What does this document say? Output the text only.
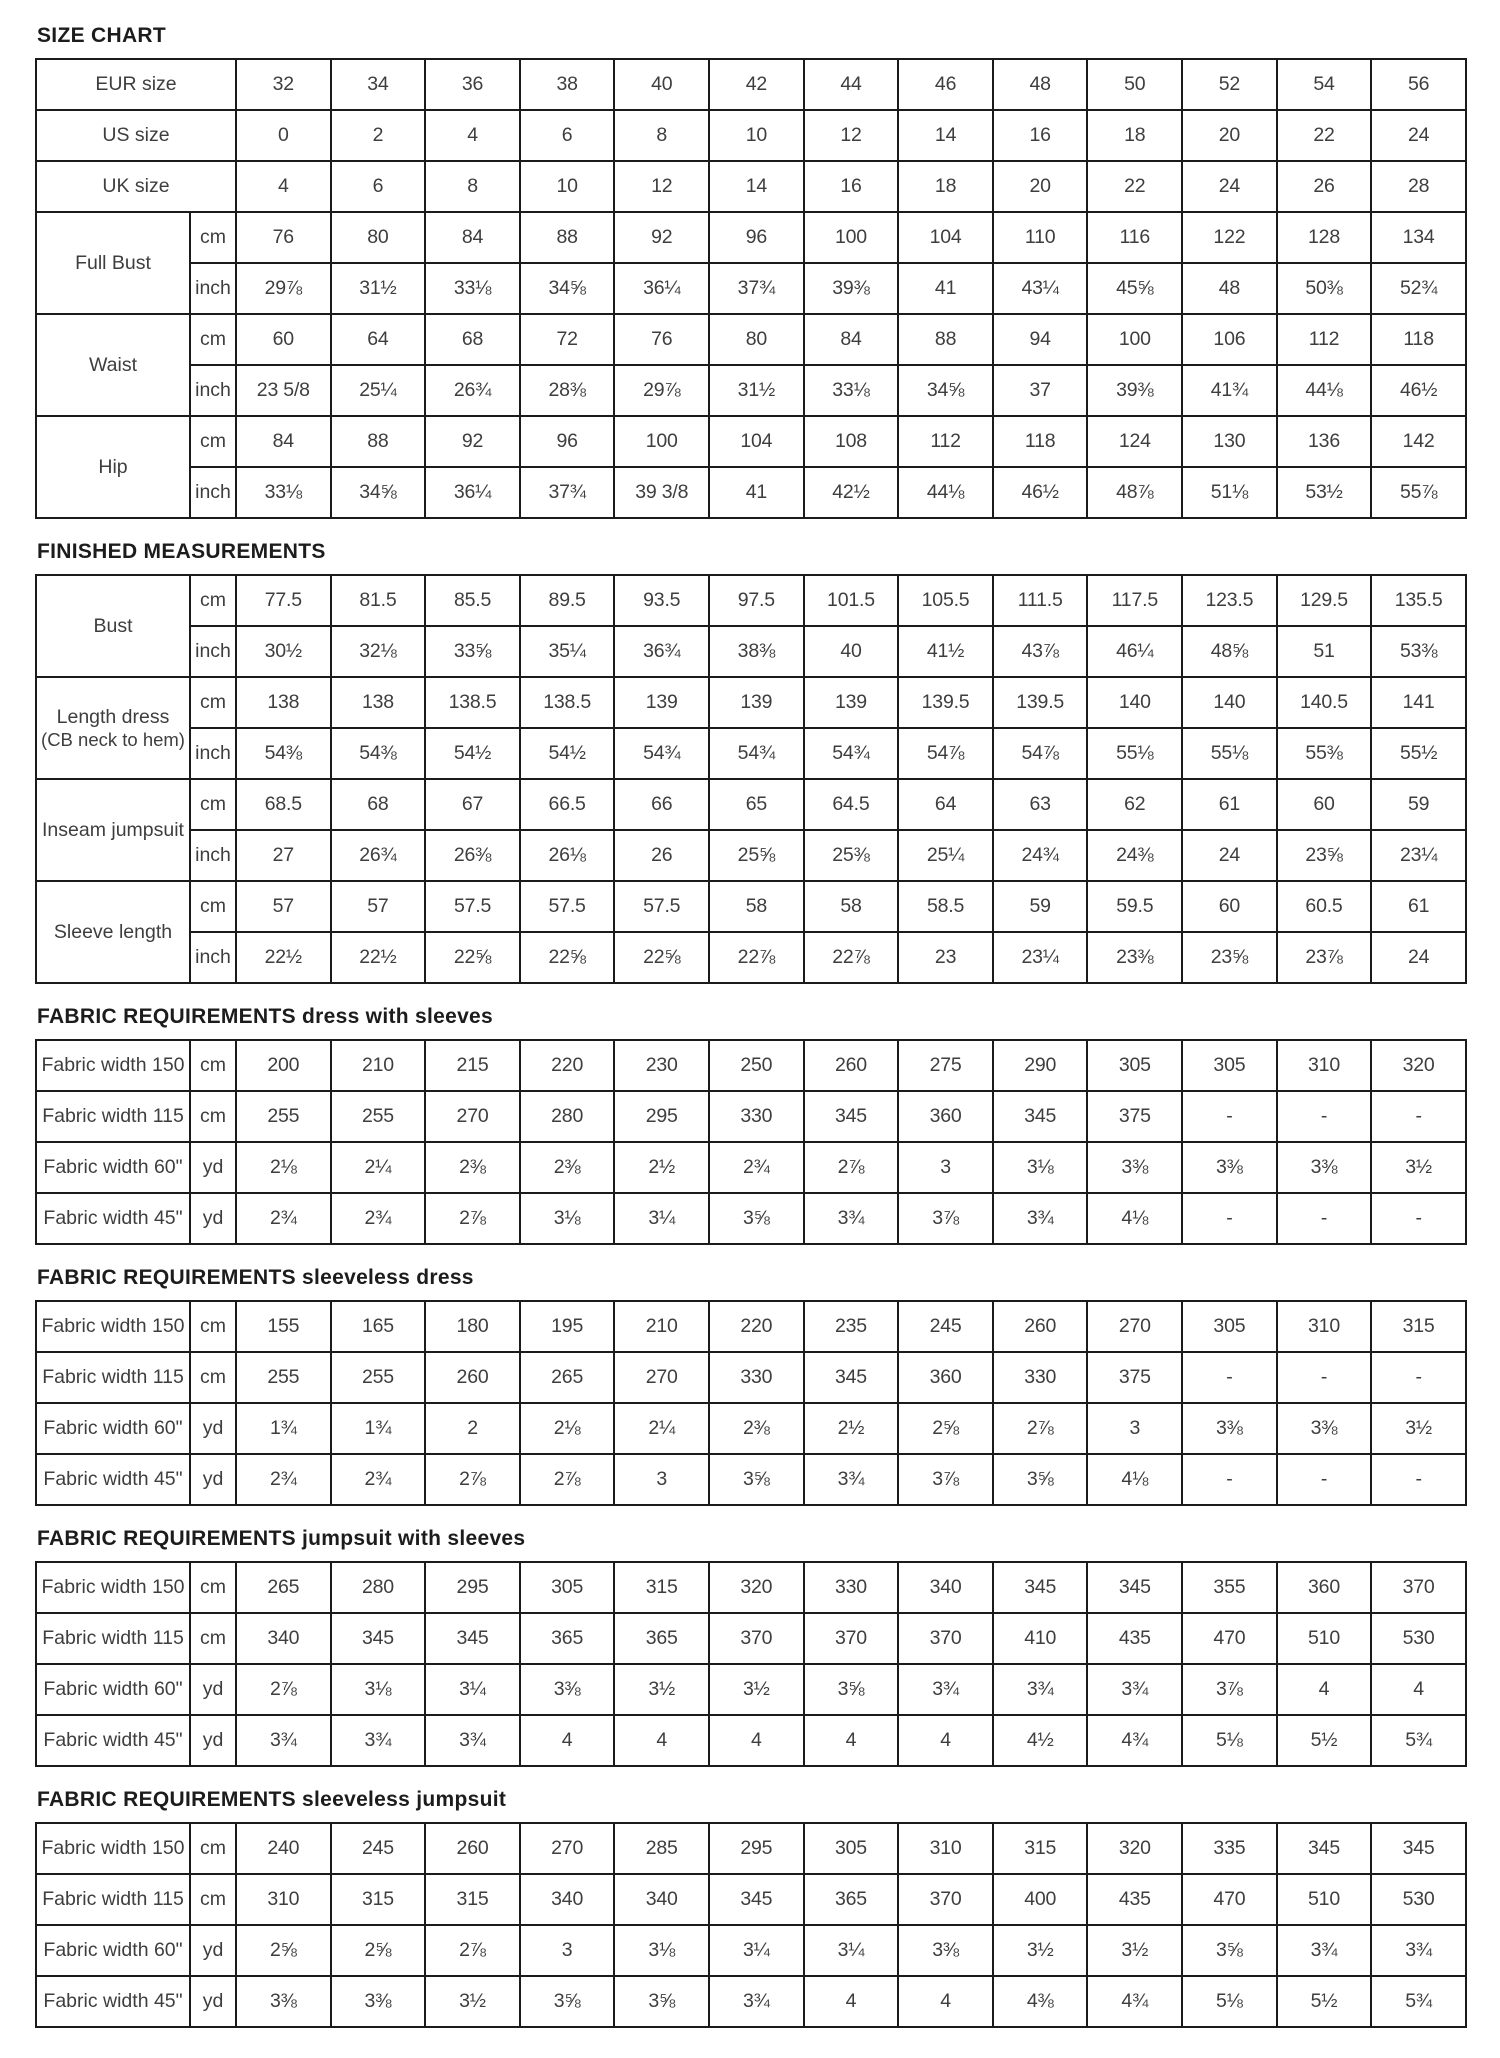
SIZE CHART
EUR size		32	34	36	38	40	42	44	46	48	50	52	54	56

US size		0	2	4	6	8	10	12	14	16	18	20	22	24

UK size		4	6	8	10	12	14	16	18	20	22	24	26	28

Full Bust	cm	76	80	84	88	92	96	100	104	110	116	122	128	134
	inch	29⅞	31½	33⅛	34⅝	36¼	37¾	39⅜	41	43¼	45⅝	48	50⅜	52¾

Waist	cm	60	64	68	72	76	80	84	88	94	100	106	112	118
	inch	23 5/8	25¼	26¾	28⅜	29⅞	31½	33⅛	34⅝	37	39⅜	41¾	44⅛	46½

Hip	cm	84	88	92	96	100	104	108	112	118	124	130	136	142
	inch	33⅛	34⅝	36¼	37¾	39 3/8	41	42½	44⅛	46½	48⅞	51⅛	53½	55⅞
FINISHED MEASUREMENTS
Bust	cm	77.5	81.5	85.5	89.5	93.5	97.5	101.5	105.5	111.5	117.5	123.5	129.5	135.5
	inch	30½	32⅛	33⅝	35¼	36¾	38⅜	40	41½	43⅞	46¼	48⅝	51	53⅜

Length dress
(CB neck to hem)	cm	138	138	138.5	138.5	139	139	139	139.5	139.5	140	140	140.5	141
	inch	54⅜	54⅜	54½	54½	54¾	54¾	54¾	54⅞	54⅞	55⅛	55⅛	55⅜	55½

Inseam jumpsuit	cm	68.5	68	67	66.5	66	65	64.5	64	63	62	61	60	59
	inch	27	26¾	26⅜	26⅛	26	25⅝	25⅜	25¼	24¾	24⅜	24	23⅝	23¼

Sleeve length	cm	57	57	57.5	57.5	57.5	58	58	58.5	59	59.5	60	60.5	61
	inch	22½	22½	22⅝	22⅝	22⅝	22⅞	22⅞	23	23¼	23⅜	23⅝	23⅞	24
FABRIC REQUIREMENTS dress with sleeves
Fabric width 150	cm	200	210	215	220	230	250	260	275	290	305	305	310	320

Fabric width 115	cm	255	255	270	280	295	330	345	360	345	375	-	-	-

Fabric width 60"	yd	2⅛	2¼	2⅜	2⅜	2½	2¾	2⅞	3	3⅛	3⅜	3⅜	3⅜	3½

Fabric width 45"	yd	2¾	2¾	2⅞	3⅛	3¼	3⅝	3¾	3⅞	3¾	4⅛	-	-	-
FABRIC REQUIREMENTS sleeveless dress
Fabric width 150	cm	155	165	180	195	210	220	235	245	260	270	305	310	315

Fabric width 115	cm	255	255	260	265	270	330	345	360	330	375	-	-	-

Fabric width 60"	yd	1¾	1¾	2	2⅛	2¼	2⅜	2½	2⅝	2⅞	3	3⅜	3⅜	3½

Fabric width 45"	yd	2¾	2¾	2⅞	2⅞	3	3⅝	3¾	3⅞	3⅝	4⅛	-	-	-
FABRIC REQUIREMENTS jumpsuit with sleeves
Fabric width 150	cm	265	280	295	305	315	320	330	340	345	345	355	360	370

Fabric width 115	cm	340	345	345	365	365	370	370	370	410	435	470	510	530

Fabric width 60"	yd	2⅞	3⅛	3¼	3⅜	3½	3½	3⅝	3¾	3¾	3¾	3⅞	4	4

Fabric width 45"	yd	3¾	3¾	3¾	4	4	4	4	4	4½	4¾	5⅛	5½	5¾
FABRIC REQUIREMENTS sleeveless jumpsuit
Fabric width 150	cm	240	245	260	270	285	295	305	310	315	320	335	345	345

Fabric width 115	cm	310	315	315	340	340	345	365	370	400	435	470	510	530

Fabric width 60"	yd	2⅝	2⅝	2⅞	3	3⅛	3¼	3¼	3⅜	3½	3½	3⅝	3¾	3¾

Fabric width 45"	yd	3⅜	3⅜	3½	3⅝	3⅝	3¾	4	4	4⅜	4¾	5⅛	5½	5¾
